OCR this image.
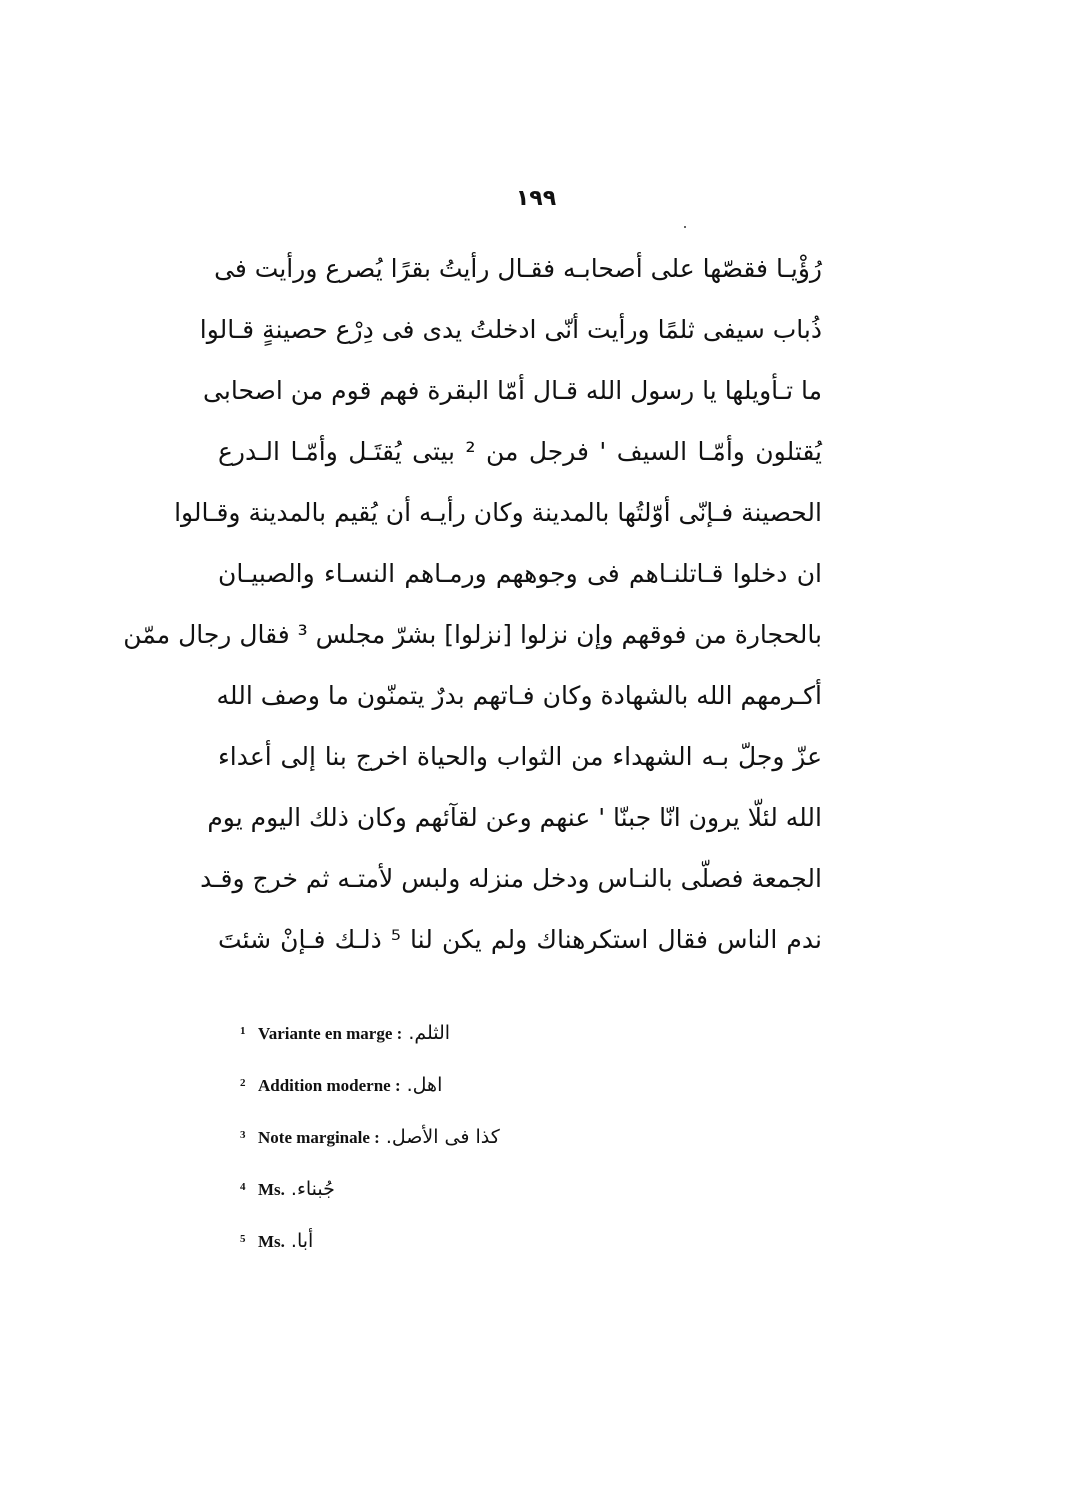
۱۹۹
رُؤْيـا فقصّها على أصحابـه فقـال رأيتُ بقرًا يُصرع ورأيت فى
ذُباب سيفى ثلمًا ورأيت أنّى ادخلتُ يدى فى دِرْع حصينةٍ قـالوا
ما تـأويلها يا رسول الله قـال أمّا البقرة فهم قوم من اصحابى
يُقتلون وأمّـا السيف ' فرجل من ² بيتى يُقتَـل وأمّـا الـدرع
الحصينة فـإنّى أوّلتُها بالمدينة وكان رأيـه أن يُقيم بالمدينة وقـالوا
ان دخلوا قـاتلنـاهم فى وجوههم ورمـاهم النسـاء والصبيـان
بالحجارة من فوقهم وإن نزلوا [نزلوا] بشرّ مجلس ³ فقال رجال ممّن
أكـرمهم الله بالشهادة وكان فـاتهم بدرٌ يتمنّون ما وصف الله
عزّ وجلّ بـه الشهداء من الثواب والحياة اخرج بنا إلى أعداء
الله لئلّا يرون انّا جبنّا ' عنهم وعن لقآئهم وكان ذلك اليوم يوم
الجمعة فصلّى بالنـاس ودخل منزله ولبس لأمتـه ثم خرج وقـد
ندم الناس فقال استكرهناك ولم يكن لنا ⁵ ذلـك فـإنْ شئتَ
1 Variante en marge : الثلم.
2 Addition moderne : اهل.
3 Note marginale : كذا فى الأصل.
4 Ms. جُبناء.
5 Ms. أبا.
